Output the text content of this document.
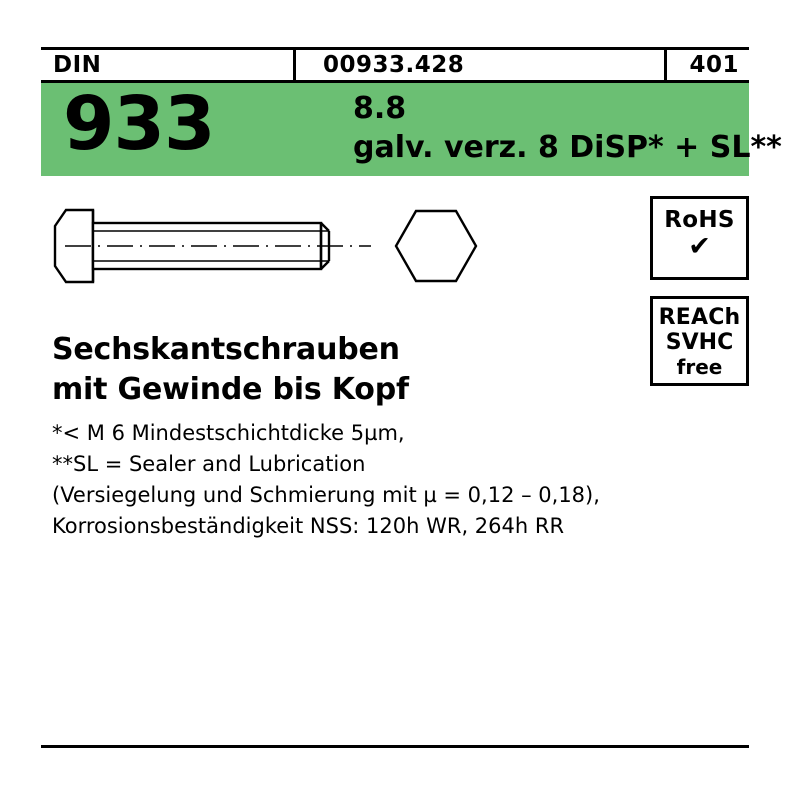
DIN	00933.428	401
933	8.8
galv. verz. 8 DiSP* + SL**
RoHS
✔
REACh
SVHC
free
Sechskantschrauben
mit Gewinde bis Kopf
*< M 6 Mindestschichtdicke 5µm,
**SL = Sealer and Lubrication
(Versiegelung und Schmierung mit µ = 0,12 – 0,18),
Korrosionsbeständigkeit NSS: 120h WR, 264h RR
